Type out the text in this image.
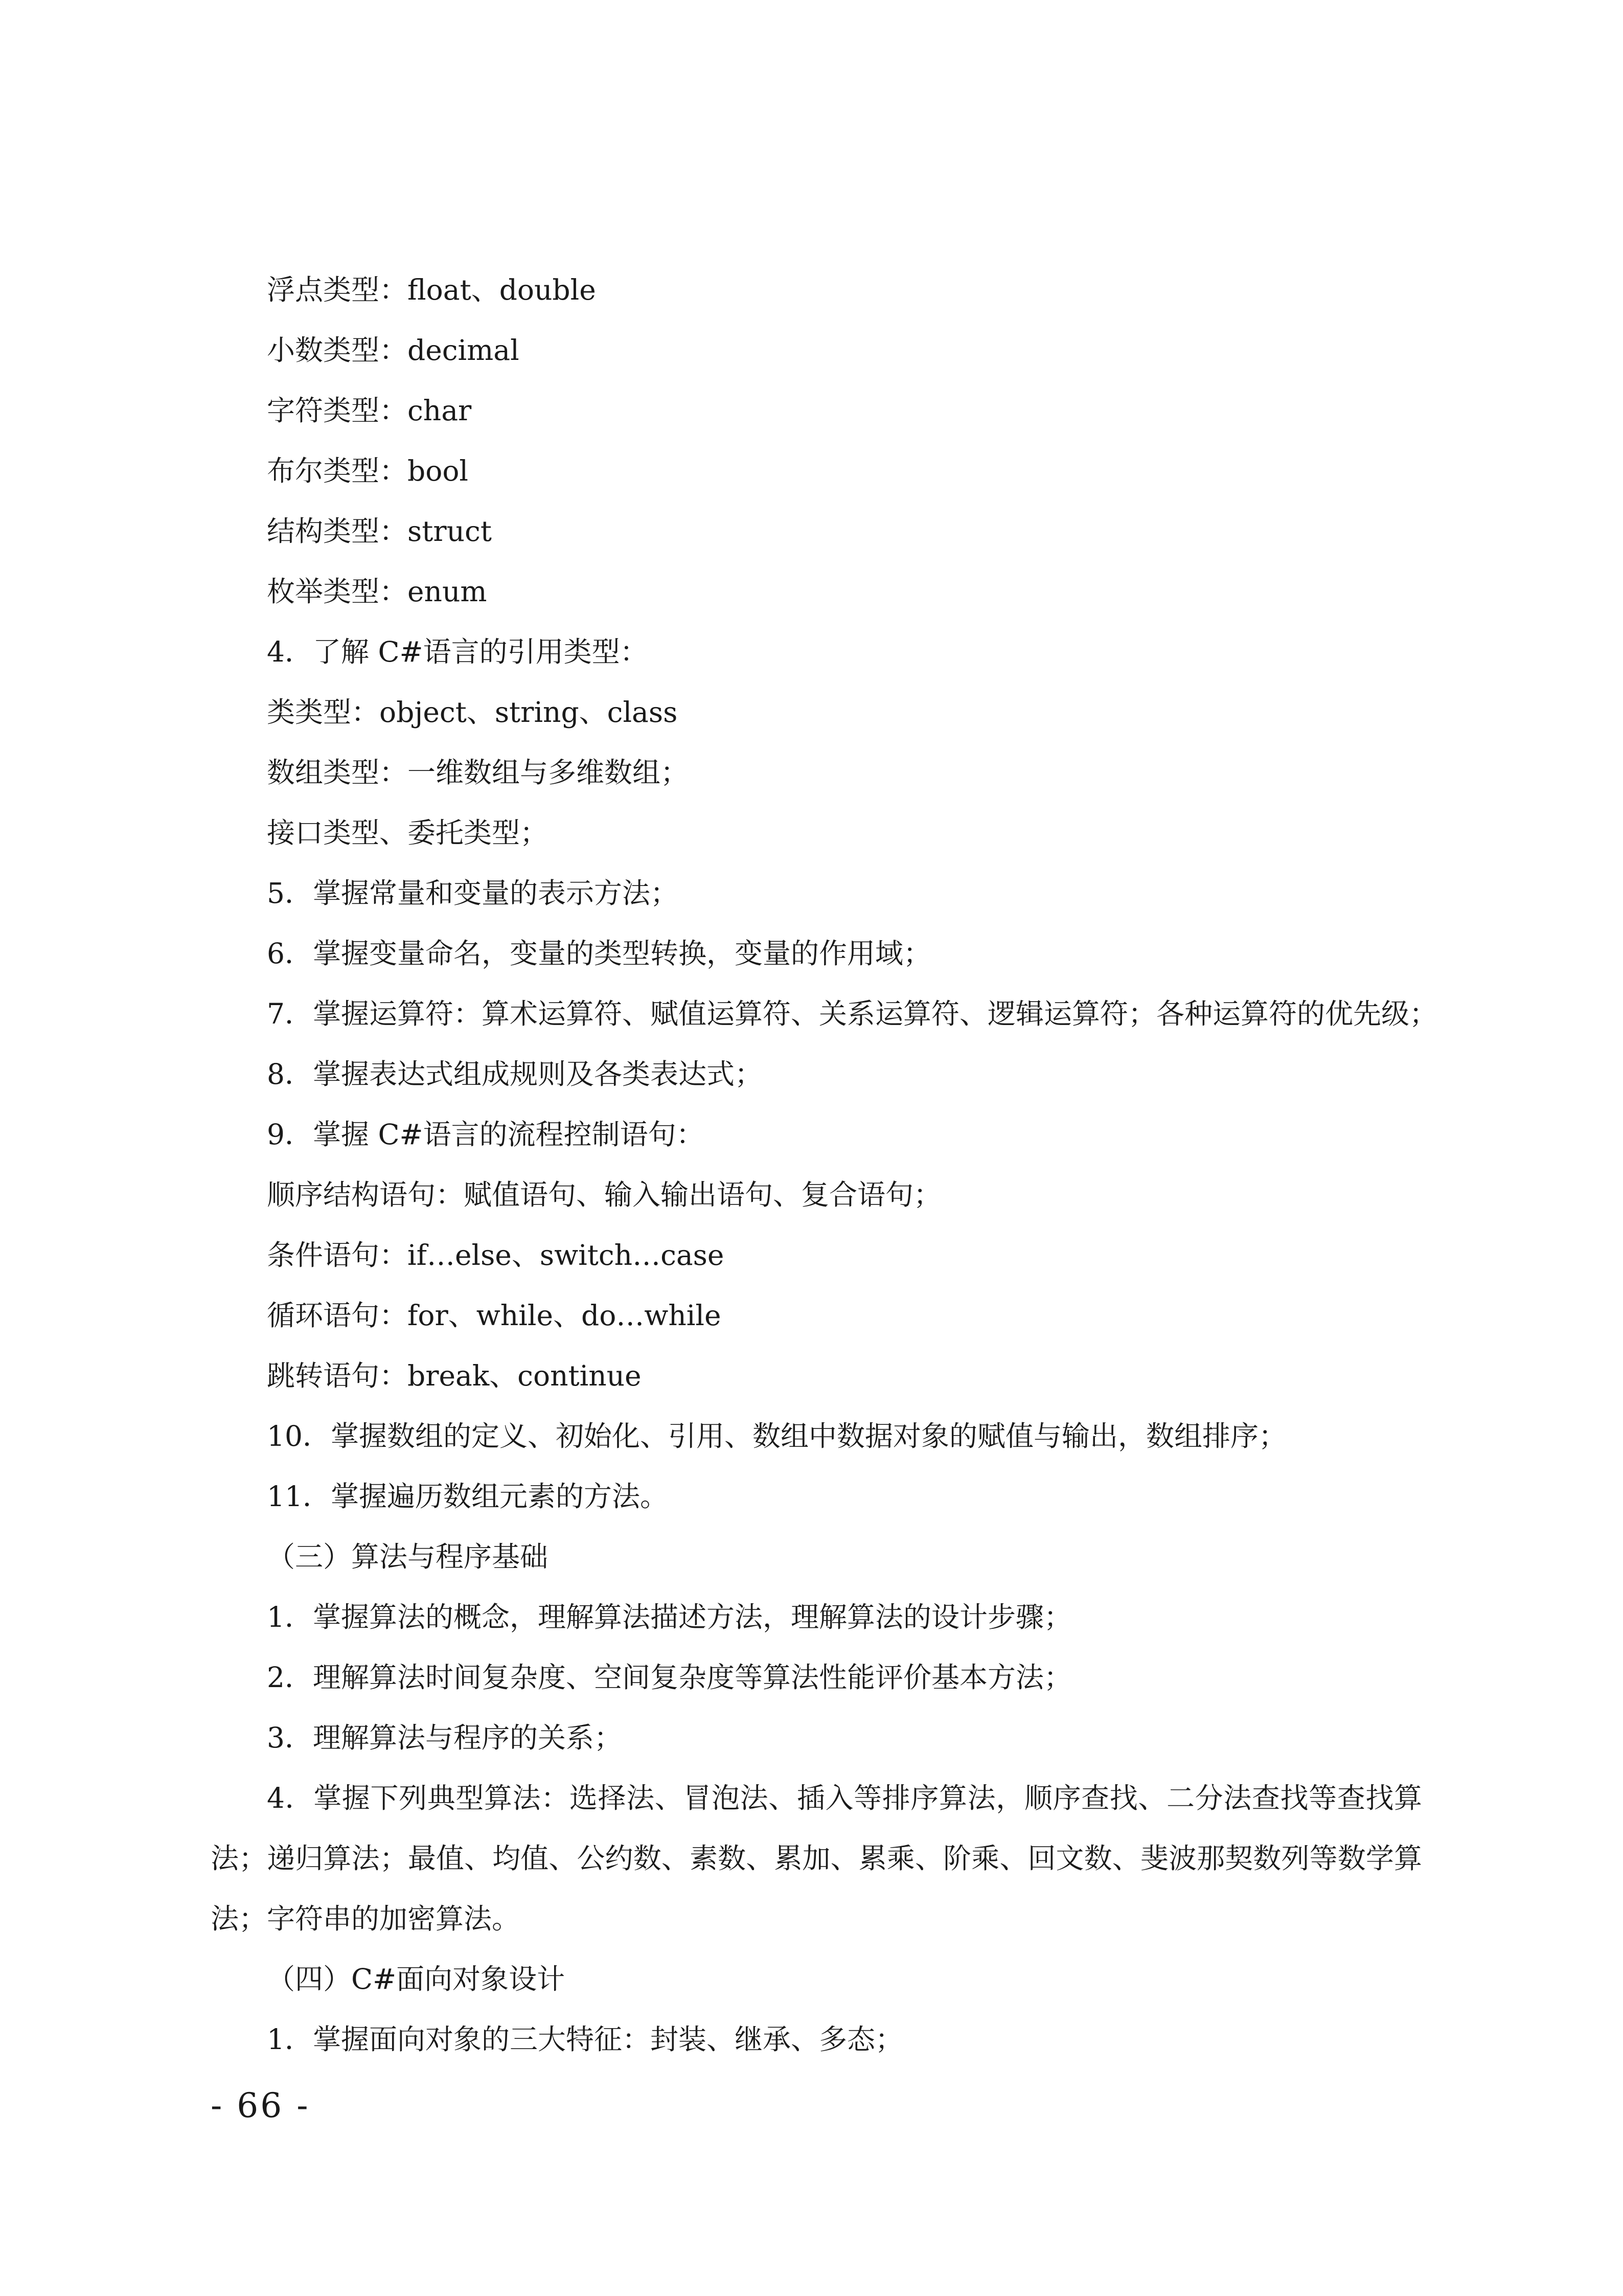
浮点类型：float、double

小数类型：decimal

字符类型：char

布尔类型：bool

结构类型：struct

枚举类型：enum

4．了解 C#语言的引用类型：

类类型：object、string、class

数组类型：一维数组与多维数组；

接口类型、委托类型；

5．掌握常量和变量的表示方法；

6．掌握变量命名，变量的类型转换，变量的作用域；

7．掌握运算符：算术运算符、赋值运算符、关系运算符、逻辑运算符；各种运算符的优先级；

8．掌握表达式组成规则及各类表达式；

9．掌握 C#语言的流程控制语句：

顺序结构语句：赋值语句、输入输出语句、复合语句；

条件语句：if…else、switch…case

循环语句：for、while、do…while

跳转语句：break、continue

10．掌握数组的定义、初始化、引用、数组中数据对象的赋值与输出，数组排序；

11．掌握遍历数组元素的方法。

（三）算法与程序基础

1．掌握算法的概念，理解算法描述方法，理解算法的设计步骤；

2．理解算法时间复杂度、空间复杂度等算法性能评价基本方法；

3．理解算法与程序的关系；

4．掌握下列典型算法：选择法、冒泡法、插入等排序算法，顺序查找、二分法查找等查找算法；递归算法；最值、均值、公约数、素数、累加、累乘、阶乘、回文数、斐波那契数列等数学算法；字符串的加密算法。

（四）C#面向对象设计

1．掌握面向对象的三大特征：封装、继承、多态；

- 66 -
